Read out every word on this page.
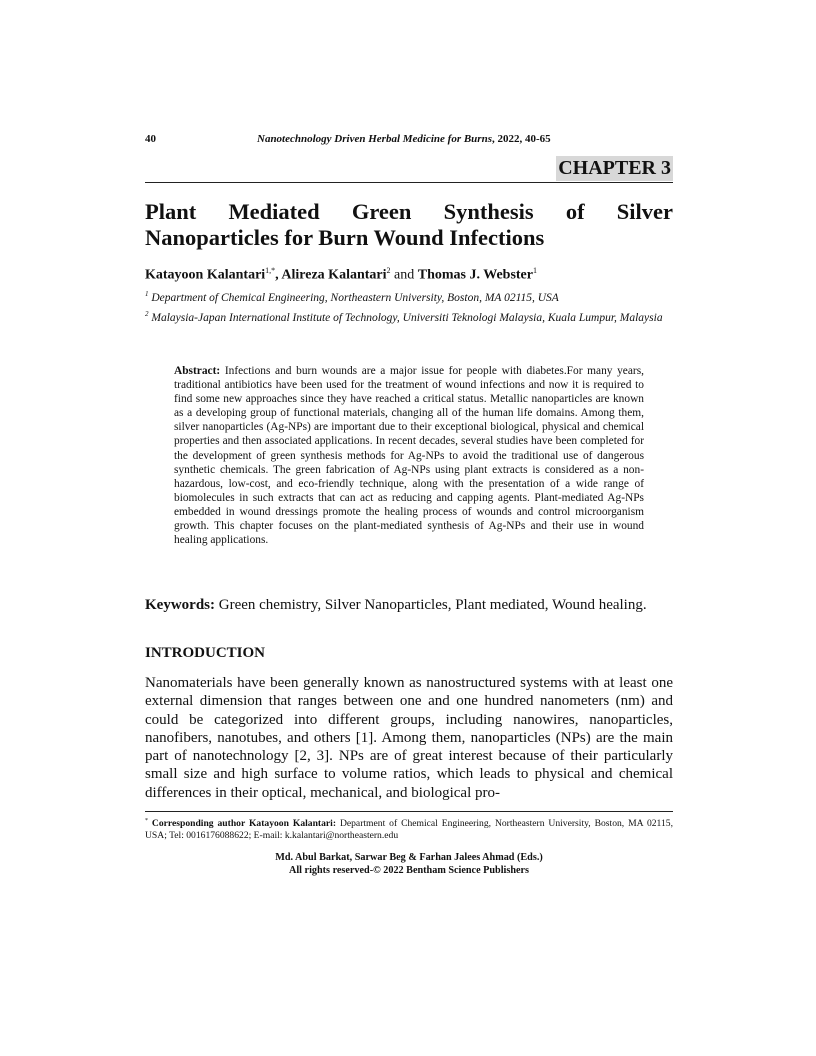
40	Nanotechnology Driven Herbal Medicine for Burns, 2022, 40-65
CHAPTER 3
Plant Mediated Green Synthesis of Silver
Nanoparticles for Burn Wound Infections
Katayoon Kalantari$^{1,*}$, Alireza Kalantari$^2$ and Thomas J. Webster$^1$
$^1$ Department of Chemical Engineering, Northeastern University, Boston, MA 02115, USA
$^2$ Malaysia-Japan International Institute of Technology, Universiti Teknologi Malaysia, Kuala Lumpur, Malaysia
Abstract: Infections and burn wounds are a major issue for people with diabetes.For many years, traditional antibiotics have been used for the treatment of wound infections and now it is required to find some new approaches since they have reached a critical status. Metallic nanoparticles are known as a developing group of functional materials, changing all of the human life domains. Among them, silver nanoparticles (Ag-NPs) are important due to their exceptional biological, physical and chemical properties and then associated applications. In recent decades, several studies have been completed for the development of green synthesis methods for Ag-NPs to avoid the traditional use of dangerous synthetic chemicals. The green fabrication of Ag-NPs using plant extracts is considered as a non-hazardous, low-cost, and eco-friendly technique, along with the presentation of a wide range of biomolecules in such extracts that can act as reducing and capping agents. Plant-mediated Ag-NPs embedded in wound dressings promote the healing process of wounds and control microorganism growth. This chapter focuses on the plant-mediated synthesis of Ag-NPs and their use in wound healing applications.
Keywords: Green chemistry, Silver Nanoparticles, Plant mediated, Wound healing.
INTRODUCTION
Nanomaterials have been generally known as nanostructured systems with at least one external dimension that ranges between one and one hundred nanometers (nm) and could be categorized into different groups, including nanowires, nanoparticles, nanofibers, nanotubes, and others [1]. Among them, nanoparticles (NPs) are the main part of nanotechnology [2, 3]. NPs are of great interest because of their particularly small size and high surface to volume ratios, which leads to physical and chemical differences in their optical, mechanical, and biological pro-
* Corresponding author Katayoon Kalantari: Department of Chemical Engineering, Northeastern University, Boston, MA 02115, USA; Tel: 0016176088622; E-mail: k.kalantari@northeastern.edu
Md. Abul Barkat, Sarwar Beg & Farhan Jalees Ahmad (Eds.)
All rights reserved-© 2022 Bentham Science Publishers
